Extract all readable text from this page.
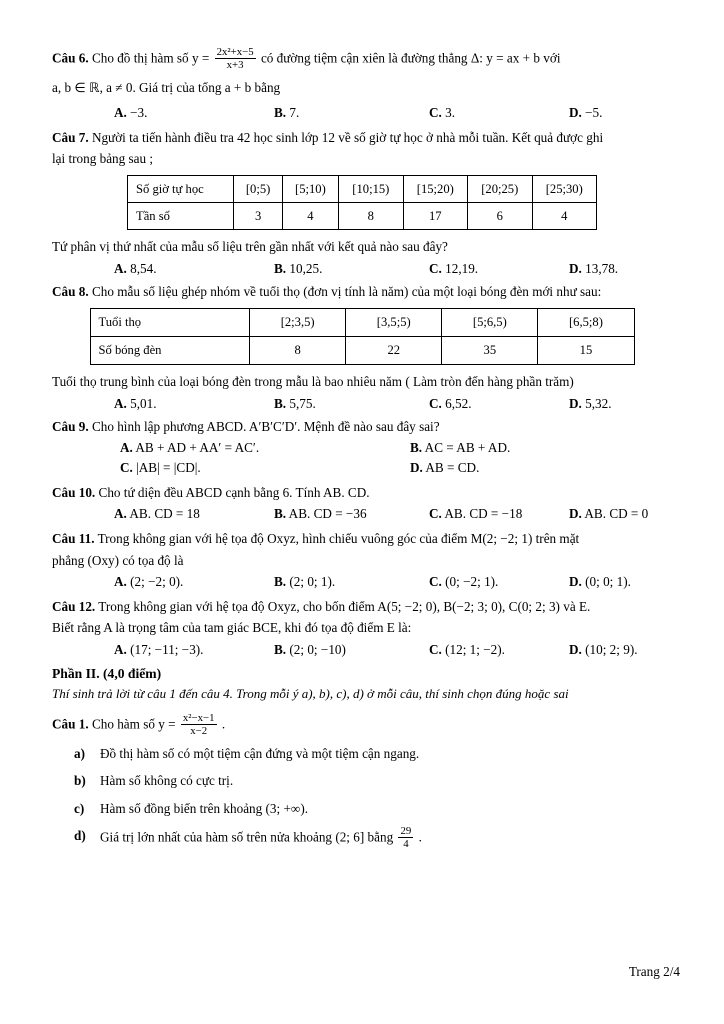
Câu 6. Cho đồ thị hàm số $y = \frac{\text{2x²+x−5}}{x+3}$ có đường tiệm cận xiên là đường thẳng Δ: y = ax + b với
a, b ∈ ℝ, a ≠ 0. Giá trị của tổng a + b bằng
A. −3.	B. 7.	C. 3.	D. −5.
Câu 7. Người ta tiến hành điều tra 42 học sinh lớp 12 về số giờ tự học ở nhà mỗi tuần. Kết quả được ghi
lại trong bảng sau ;
Số giờ tự học	[0;5)	[5;10)	[10;15)	[15;20)	[20;25)	[25;30)
Tần số	3	4	8	17	6	4
Tứ phân vị thứ nhất của mẫu số liệu trên gần nhất với kết quả nào sau đây?
A. 8,54.	B. 10,25.	C. 12,19.	D. 13,78.
Câu 8. Cho mẫu số liệu ghép nhóm về tuổi thọ (đơn vị tính là năm) của một loại bóng đèn mới như sau:
Tuổi thọ	[2;3,5)	[3,5;5)	[5;6,5)	[6,5;8)
Số bóng đèn	8	22	35	15
Tuổi thọ trung bình của loại bóng đèn trong mẫu là bao nhiêu năm ( Làm tròn đến hàng phần trăm)
A. 5,01.	B. 5,75.	C. 6,52.	D. 5,32.
Câu 9. Cho hình lập phương ABCD. A′B′C′D′. Mệnh đề nào sau đây sai?
A. AB + AD + AA′ = AC′.	B. AC = AB + AD.
C. |AB| = |CD|.	D. AB = CD.
Câu 10. Cho tứ diện đều ABCD cạnh bằng 6. Tính AB. CD.
A. AB. CD = 18	B. AB. CD = −36	C. AB. CD = −18	D. AB. CD = 0
Câu 11. Trong không gian với hệ tọa độ Oxyz, hình chiếu vuông góc của điểm M(2; −2; 1) trên mặt
phẳng (Oxy) có tọa độ là
A. (2; −2; 0).	B. (2; 0; 1).	C. (0; −2; 1).	D. (0; 0; 1).
Câu 12. Trong không gian với hệ tọa độ Oxyz, cho bốn điểm A(5; −2; 0), B(−2; 3; 0), C(0; 2; 3) và E.
Biết rằng A là trọng tâm của tam giác BCE, khi đó tọa độ điểm E là:
A. (17; −11; −3).	B. (2; 0; −10)	C. (12; 1; −2).	D. (10; 2; 9).
Phần II. (4,0 điểm)
Thí sinh trả lời từ câu 1 đến câu 4. Trong mỗi ý a), b), c), d) ở mỗi câu, thí sinh chọn đúng hoặc sai
Câu 1. Cho hàm số $y = \frac{\text{x²−x−1}}{x-2}$ .
a)	Đồ thị hàm số có một tiệm cận đứng và một tiệm cận ngang.
b)	Hàm số không có cực trị.
c)	Hàm số đồng biến trên khoảng (3; +∞).
d)	Giá trị lớn nhất của hàm số trên nửa khoảng (2; 6] bằng $\frac{29}{4}$ .
Trang 2/4
